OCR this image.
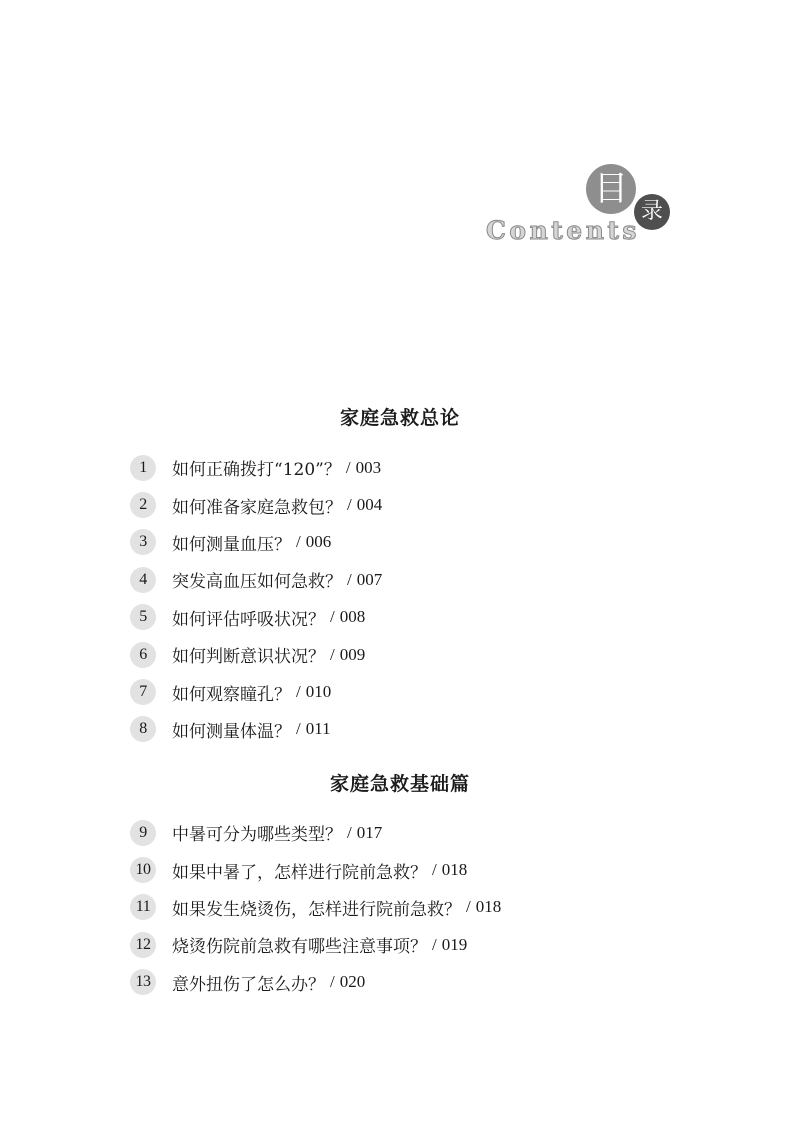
目
录
Contents
家庭急救总论
1	如何正确拨打“120”？ / 003
2	如何准备家庭急救包？ / 004
3	如何测量血压？ / 006
4	突发高血压如何急救？ / 007
5	如何评估呼吸状况？ / 008
6	如何判断意识状况？ / 009
7	如何观察瞳孔？ / 010
8	如何测量体温？ / 011
家庭急救基础篇
9	中暑可分为哪些类型？ / 017
10	如果中暑了，怎样进行院前急救？ / 018
11	如果发生烧烫伤，怎样进行院前急救？ / 018
12	烧烫伤院前急救有哪些注意事项？ / 019
13	意外扭伤了怎么办？ / 020
